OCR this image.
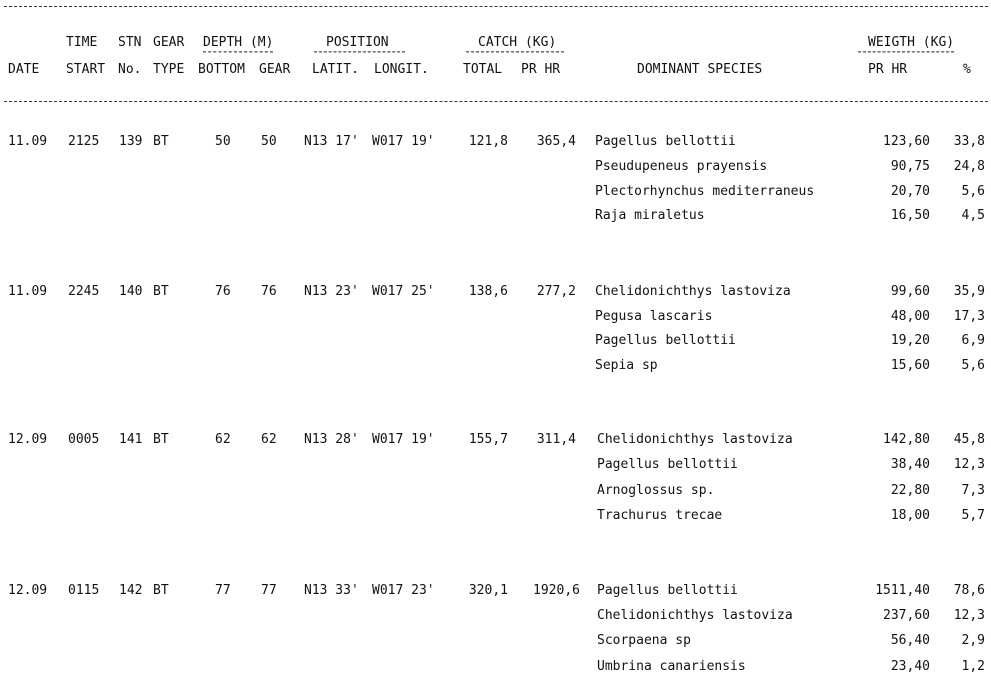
TIME STN GEAR DEPTH (M)	POSITION	CATCH (KG)	WEIGTH (KG)
DATE START No. TYPE BOTTOM GEAR LATIT. LONGIT.	TOTAL PR HR	DOMINANT SPECIES	PR HR	%
11.09 2125 139 BT	50 50 N13 17' W017 19'	121,8	365,4 Pagellus bellottii	123,60	33,8
Pseudupeneus prayensis	90,75	24,8
Plectorhynchus mediterraneus	20,70	5,6
Raja miraletus	16,50	4,5
11.09 2245 140 BT	76 76 N13 23' W017 25'	138,6	277,2 Chelidonichthys lastoviza	99,60	35,9
Pegusa lascaris	48,00	17,3
Pagellus bellottii	19,20	6,9
Sepia sp	15,60	5,6
12.09 0005 141 BT	62 62 N13 28' W017 19'	155,7	311,4 Chelidonichthys lastoviza	142,80	45,8
Pagellus bellottii	38,40	12,3
Arnoglossus sp.	22,80	7,3
Trachurus trecae	18,00	5,7
12.09 0115 142 BT	77 77 N13 33' W017 23'	320,1	1920,6 Pagellus bellottii	1511,40	78,6
Chelidonichthys lastoviza	237,60	12,3
Scorpaena sp	56,40	2,9
Umbrina canariensis	23,40	1,2
